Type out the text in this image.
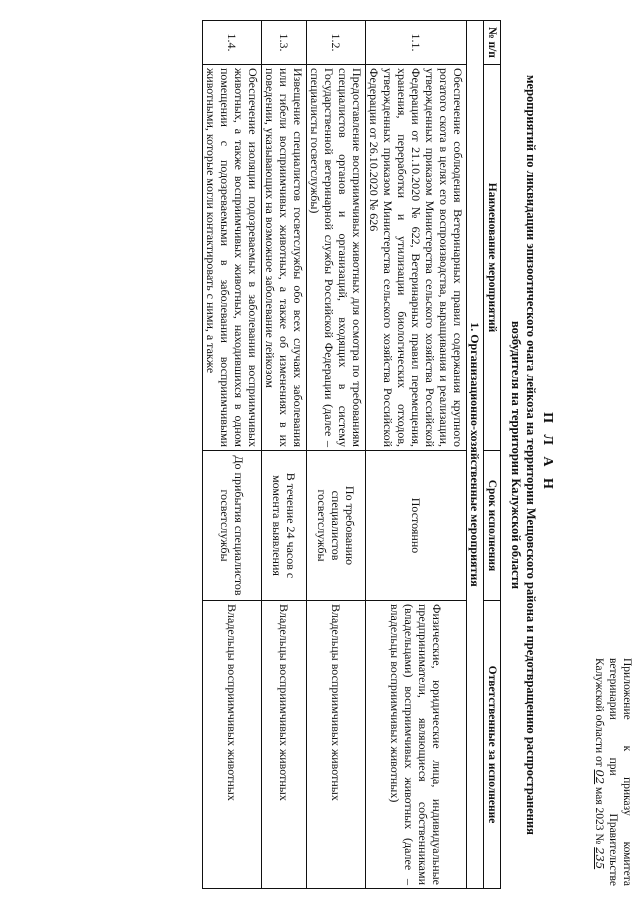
Приложение
к
приказу
комитета
ветеринарии
при
Правительстве
Калужской области от 02 мая 2023 № 235
П Л А Н
мероприятий по ликвидации эпизоотического очага лейкоза на территории Мещовского района и предотвращению распространения возбудителя на территории Калужской области
№ п/п	Наименование мероприятий	Срок исполнения	Ответственные за исполнение
1. Организационно-хозяйственные мероприятия			
1.1.	Обеспечение соблюдения Ветеринарных правил содержания крупного рогатого скота в целях его воспроизводства, выращивания и реализации, утвержденных приказом Министерства сельского хозяйства Российской Федерации от 21.10.2020 № 622, Ветеринарных правил перемещения, хранения, переработки и утилизации биологических отходов, утвержденных приказом Министерства сельского хозяйства Российской Федерации от 26.10.2020 № 626	Постоянно	Физические, юридические лица, индивидуальные предприниматели, являющиеся собственниками (владельцами) восприимчивых животных (далее – владельцы восприимчивых животных)
1.2.	Предоставление восприимчивых животных для осмотра по требованиям специалистов органов и организаций, входящих в систему Государственной ветеринарной службы Российской Федерации (далее – специалисты госветслужбы)	По требованию специалистов госветслужбы	Владельцы восприимчивых животных
1.3.	Извещение специалистов госветслужбы обо всех случаях заболевания или гибели восприимчивых животных, а также об изменениях в их поведении, указывающих на возможное заболевание лейкозом	В течение 24 часов с момента выявления	Владельцы восприимчивых животных
1.4.	Обеспечение изоляции подозреваемых в заболевании восприимчивых животных, а также восприимчивых животных, находившихся в одном помещении с подозреваемыми в заболевании восприимчивыми животными, которые могли контактировать с ними, а также	До прибытия специалистов госветслужбы	Владельцы восприимчивых животных
